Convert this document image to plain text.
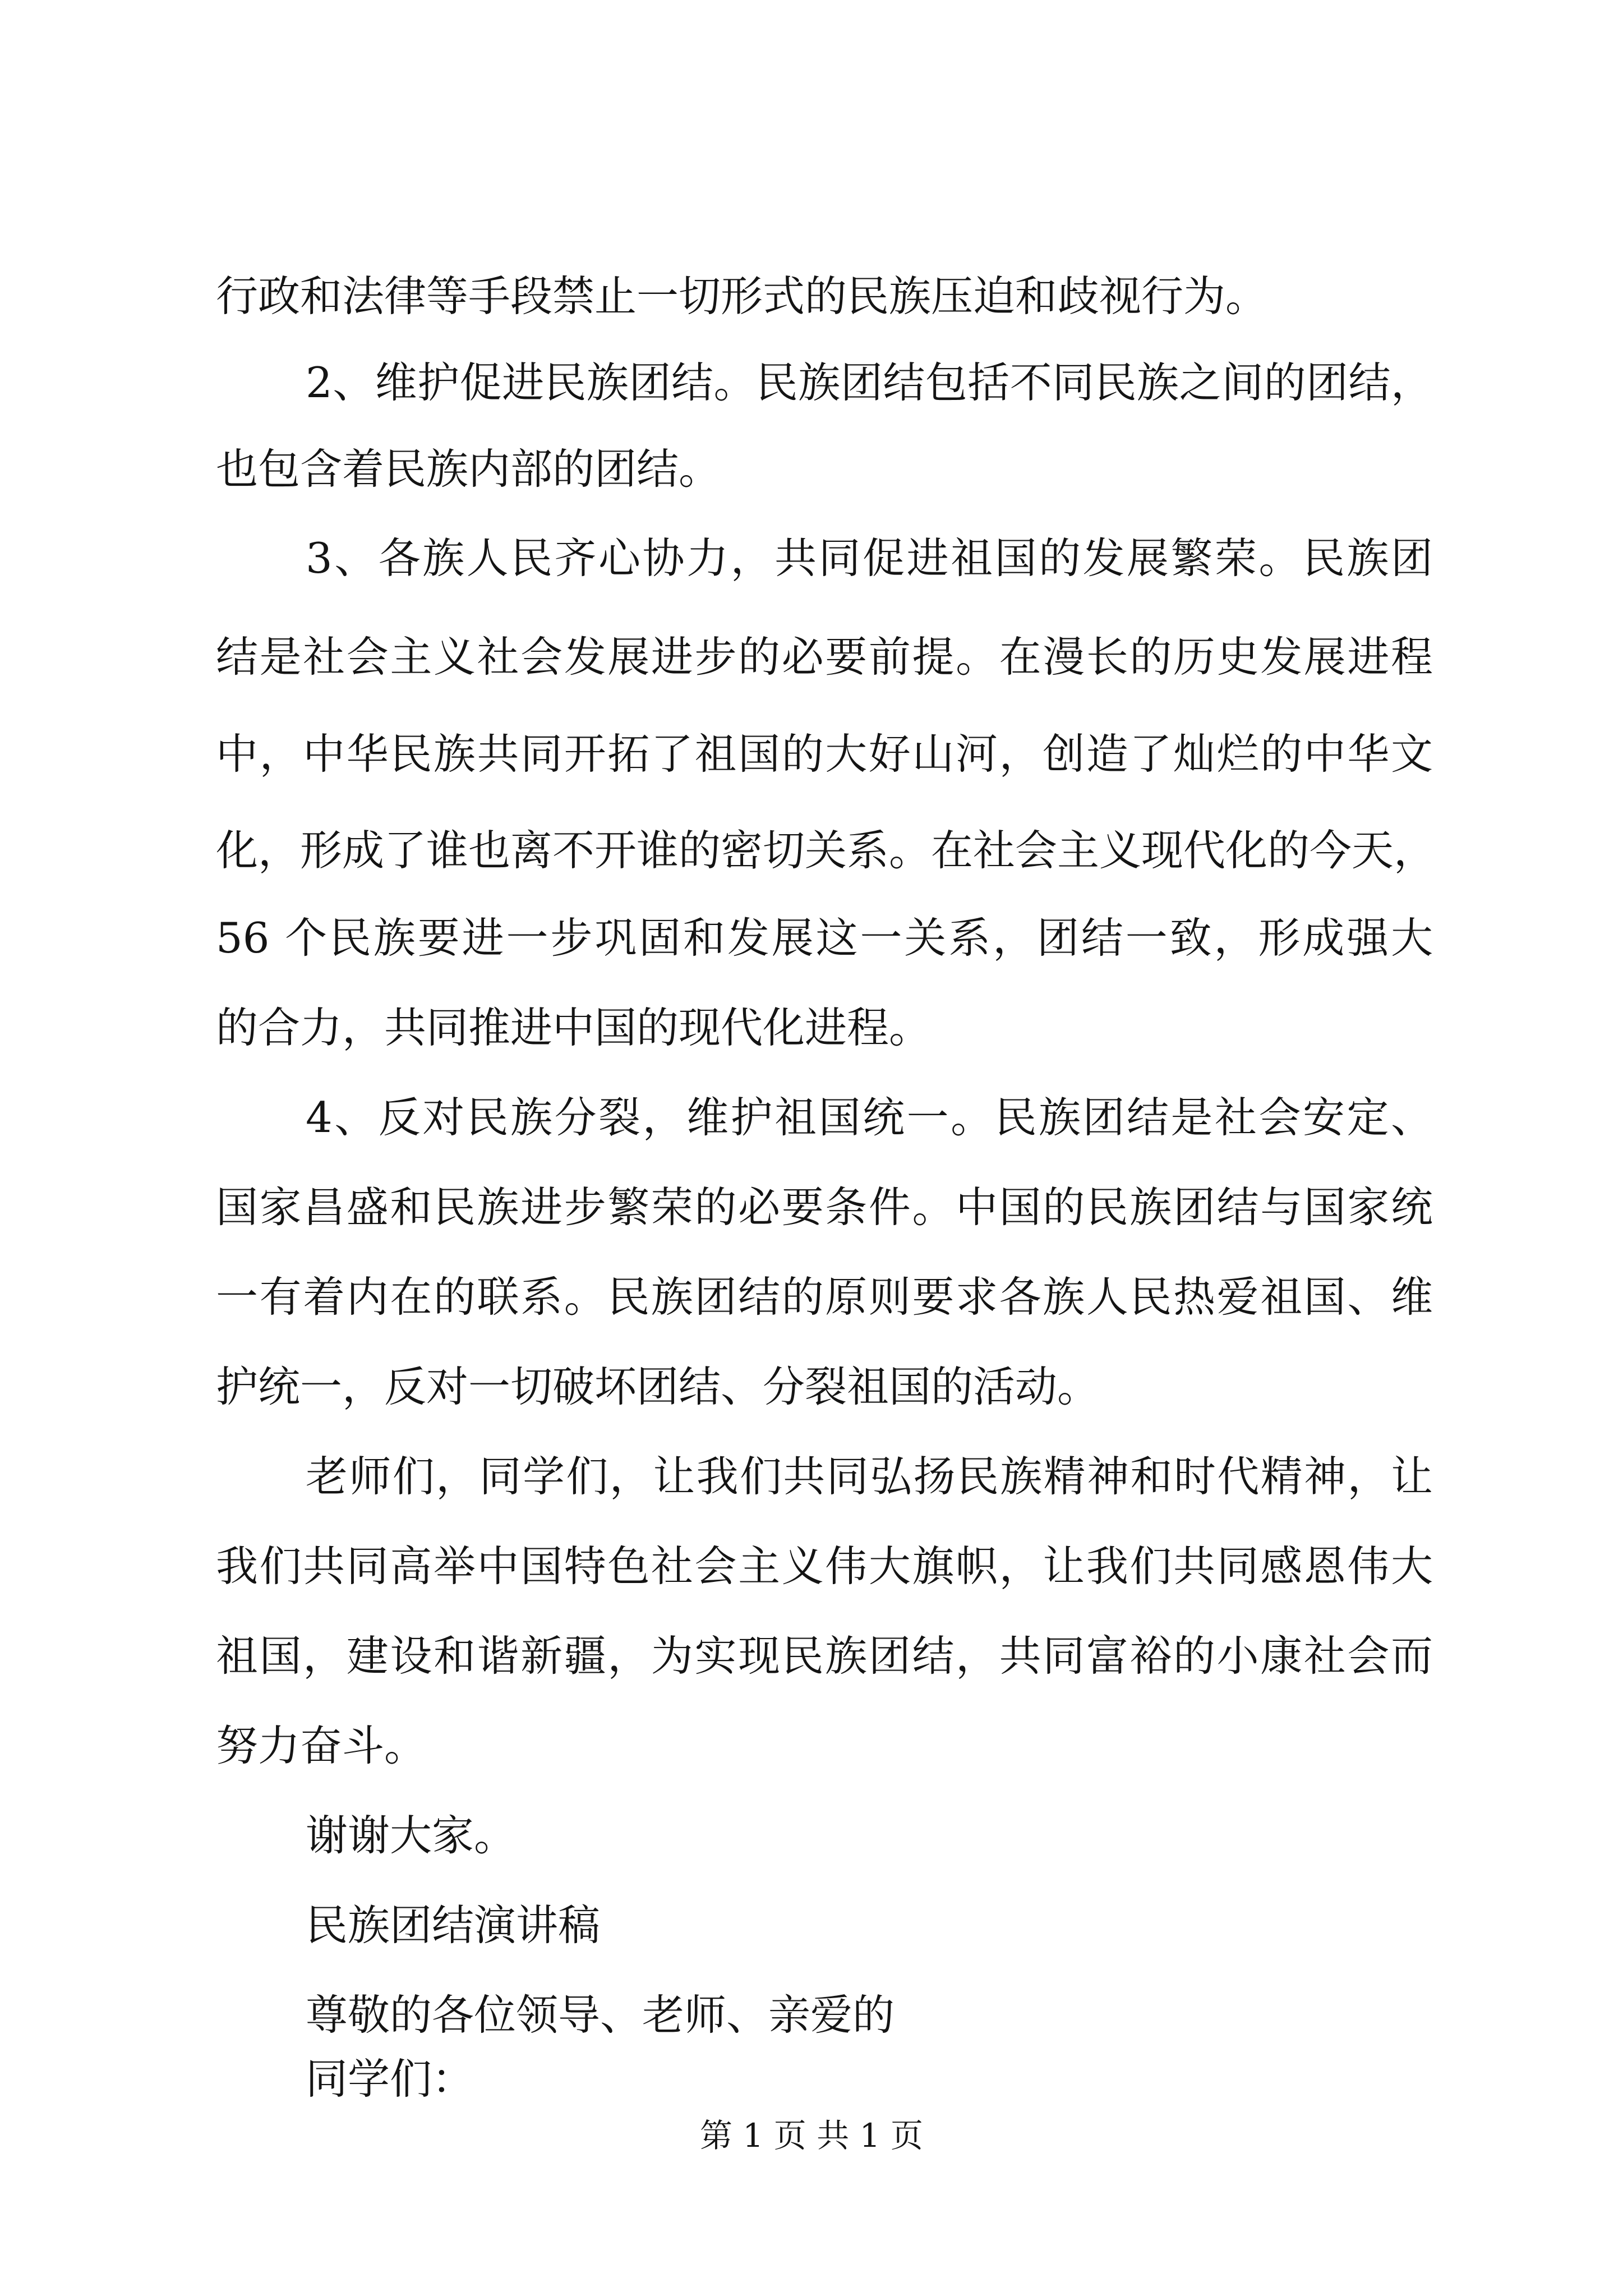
行政和法律等手段禁止一切形式的民族压迫和歧视行为。

2、维护促进民族团结。民族团结包括不同民族之间的团结，

也包含着民族内部的团结。

3、各族人民齐心协力，共同促进祖国的发展繁荣。民族团

结是社会主义社会发展进步的必要前提。在漫长的历史发展进程

中，中华民族共同开拓了祖国的大好山河，创造了灿烂的中华文

化，形成了谁也离不开谁的密切关系。在社会主义现代化的今天，

56 个民族要进一步巩固和发展这一关系，团结一致，形成强大

的合力，共同推进中国的现代化进程。

4、反对民族分裂，维护祖国统一。民族团结是社会安定、

国家昌盛和民族进步繁荣的必要条件。中国的民族团结与国家统

一有着内在的联系。民族团结的原则要求各族人民热爱祖国、维

护统一，反对一切破坏团结、分裂祖国的活动。

老师们，同学们，让我们共同弘扬民族精神和时代精神，让

我们共同高举中国特色社会主义伟大旗帜，让我们共同感恩伟大

祖国，建设和谐新疆，为实现民族团结，共同富裕的小康社会而

努力奋斗。

谢谢大家。

民族团结演讲稿

尊敬的各位领导、老师、亲爱的

同学们：

第 1 页 共 1 页
